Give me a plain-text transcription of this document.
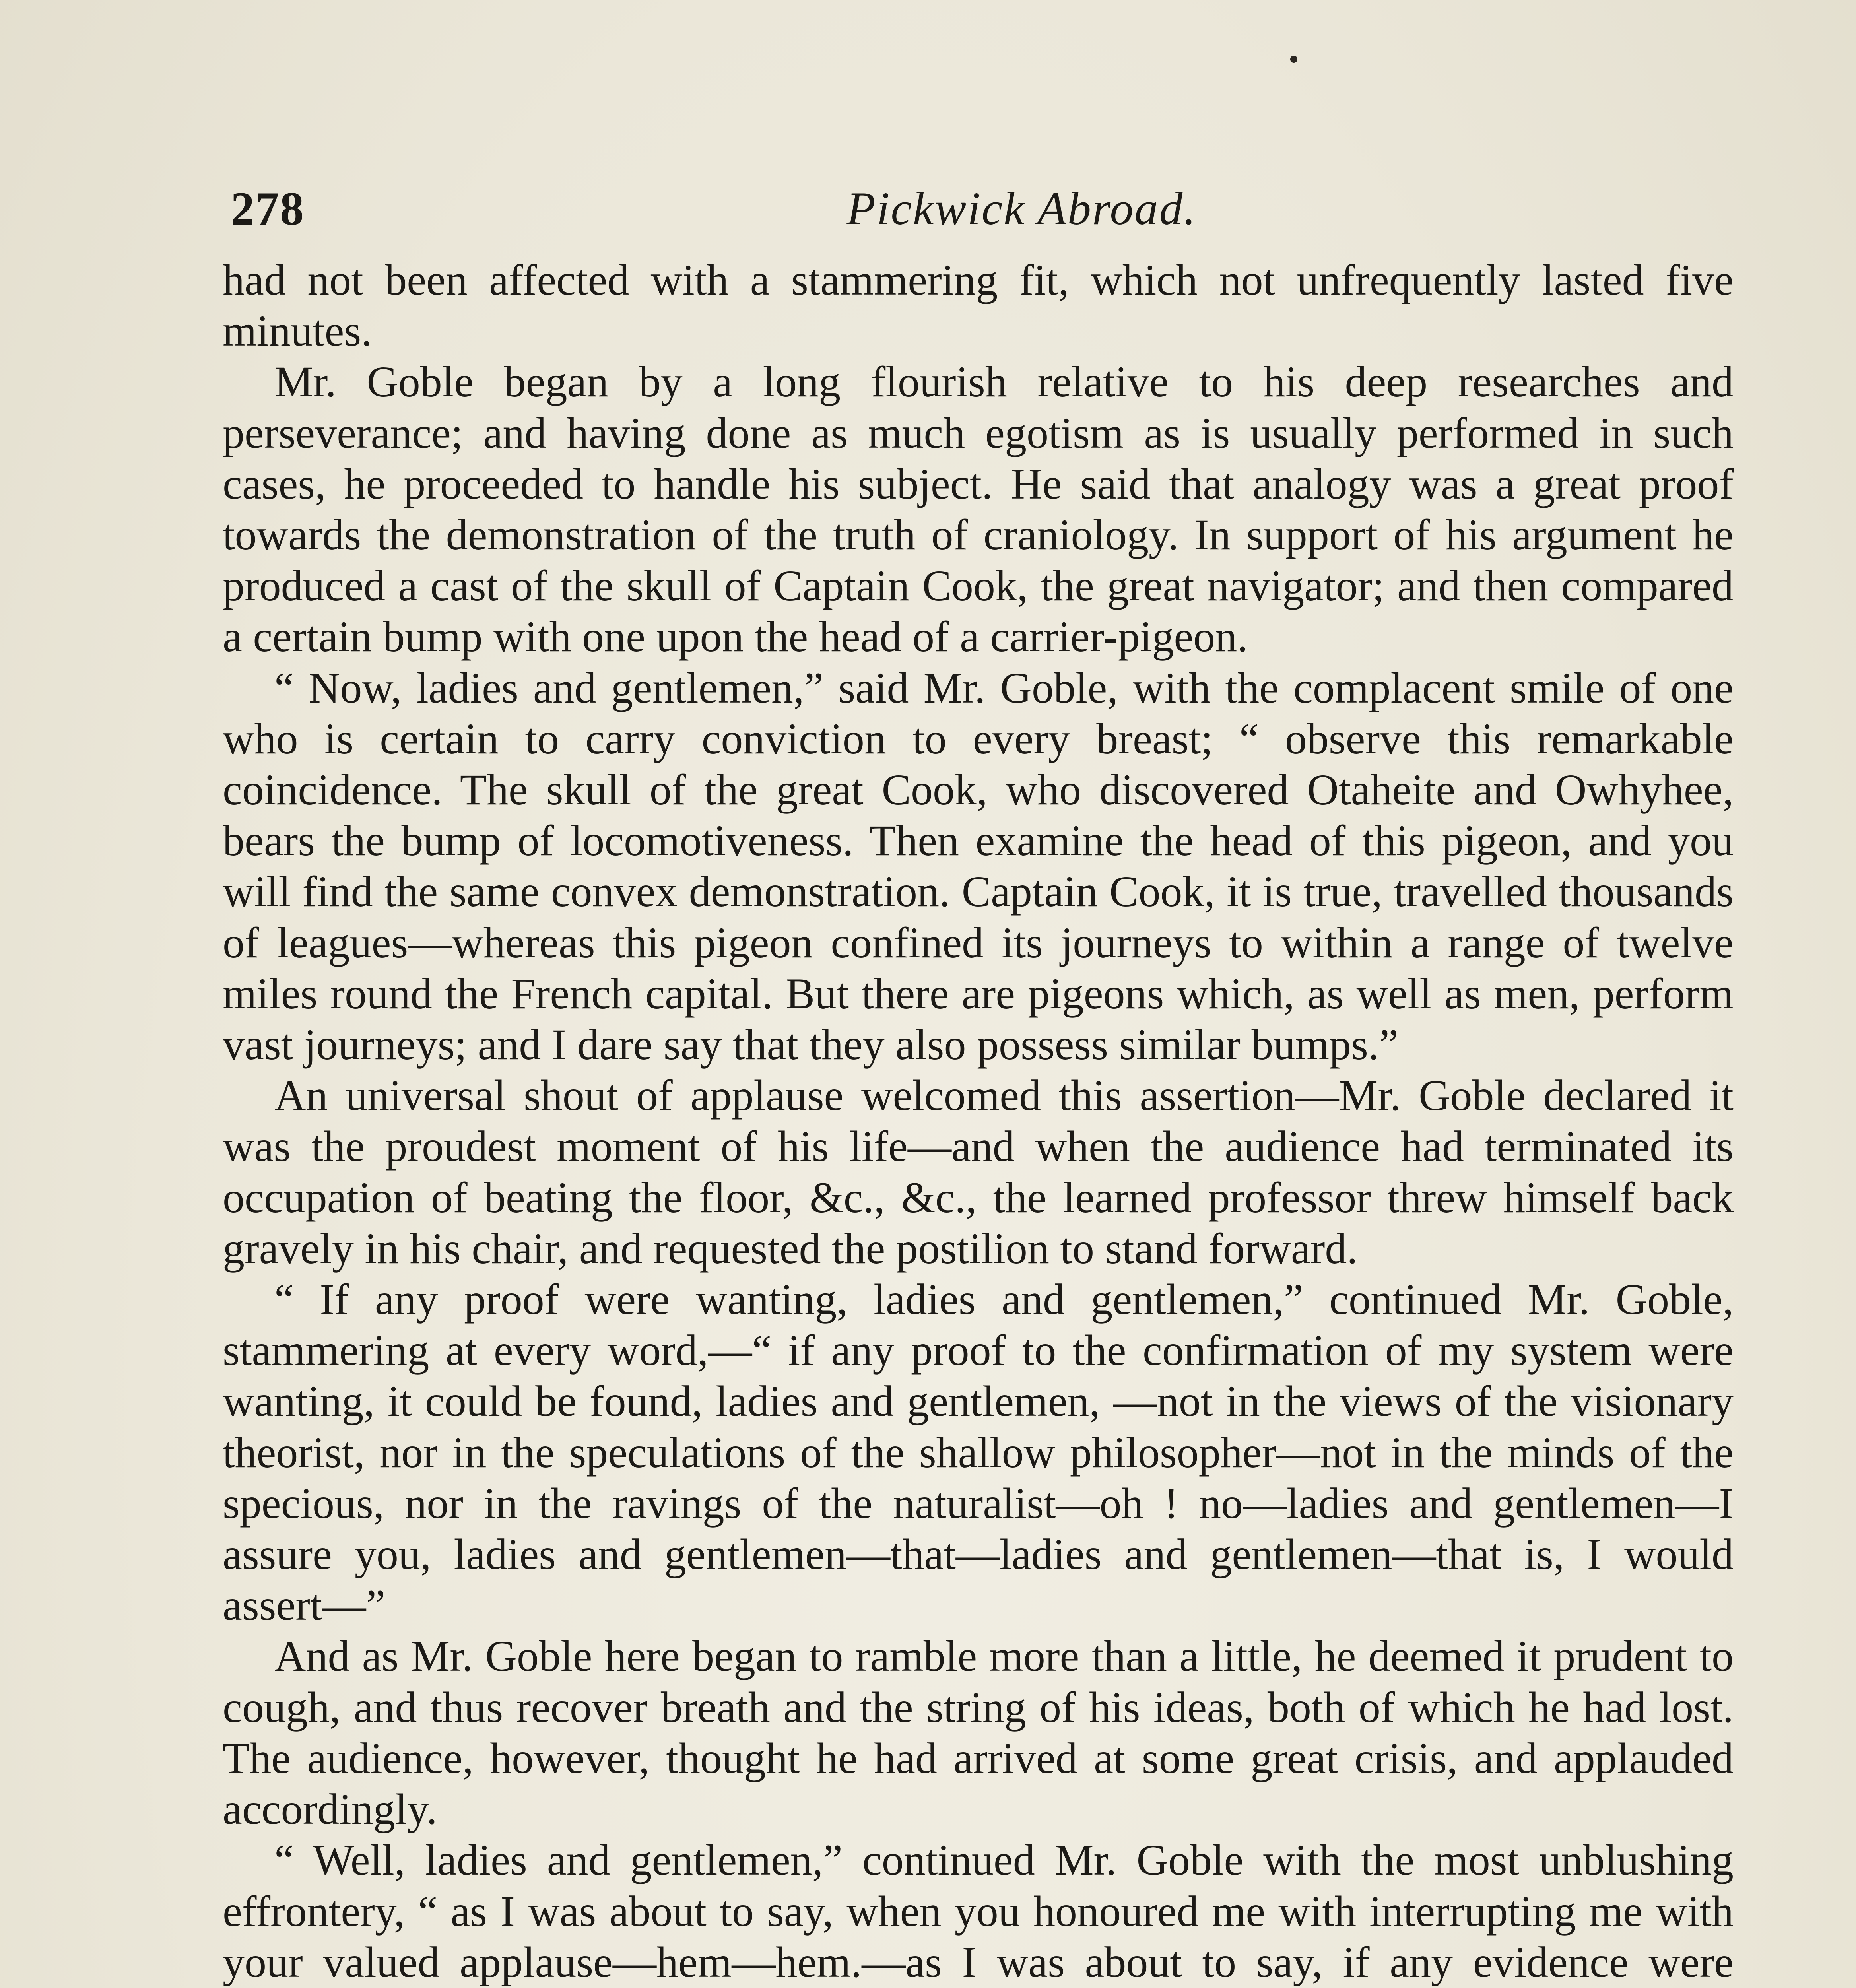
278	Pickwick Abroad.

had not been affected with a stammering fit, which not unfrequently lasted five minutes.

Mr. Goble began by a long flourish relative to his deep researches and perseverance; and having done as much egotism as is usually performed in such cases, he proceeded to handle his subject. He said that analogy was a great proof towards the demonstration of the truth of craniology. In support of his argument he produced a cast of the skull of Captain Cook, the great navigator; and then compared a certain bump with one upon the head of a carrier-pigeon.

“ Now, ladies and gentlemen,” said Mr. Goble, with the complacent smile of one who is certain to carry conviction to every breast; “ observe this remarkable coincidence. The skull of the great Cook, who discovered Otaheite and Owhyhee, bears the bump of locomotiveness. Then examine the head of this pigeon, and you will find the same convex demonstration. Captain Cook, it is true, travelled thousands of leagues—whereas this pigeon confined its journeys to within a range of twelve miles round the French capital. But there are pigeons which, as well as men, perform vast journeys; and I dare say that they also possess similar bumps.”

An universal shout of applause welcomed this assertion—Mr. Goble declared it was the proudest moment of his life—and when the audience had terminated its occupation of beating the floor, &c., &c., the learned professor threw himself back gravely in his chair, and requested the postilion to stand forward.

“ If any proof were wanting, ladies and gentlemen,” continued Mr. Goble, stammering at every word,—“ if any proof to the confirmation of my system were wanting, it could be found, ladies and gentlemen, —not in the views of the visionary theorist, nor in the speculations of the shallow philosopher—not in the minds of the specious, nor in the ravings of the naturalist—oh ! no—ladies and gentlemen—I assure you, ladies and gentlemen—that—ladies and gentlemen—that is, I would assert—”

And as Mr. Goble here began to ramble more than a little, he deemed it prudent to cough, and thus recover breath and the string of his ideas, both of which he had lost. The audience, however, thought he had arrived at some great crisis, and applauded accordingly.

“ Well, ladies and gentlemen,” continued Mr. Goble with the most unblushing effrontery, “ as I was about to say, when you honoured me with interrupting me with your valued applause—hem—hem.—as I was about to say, if any evidence were
